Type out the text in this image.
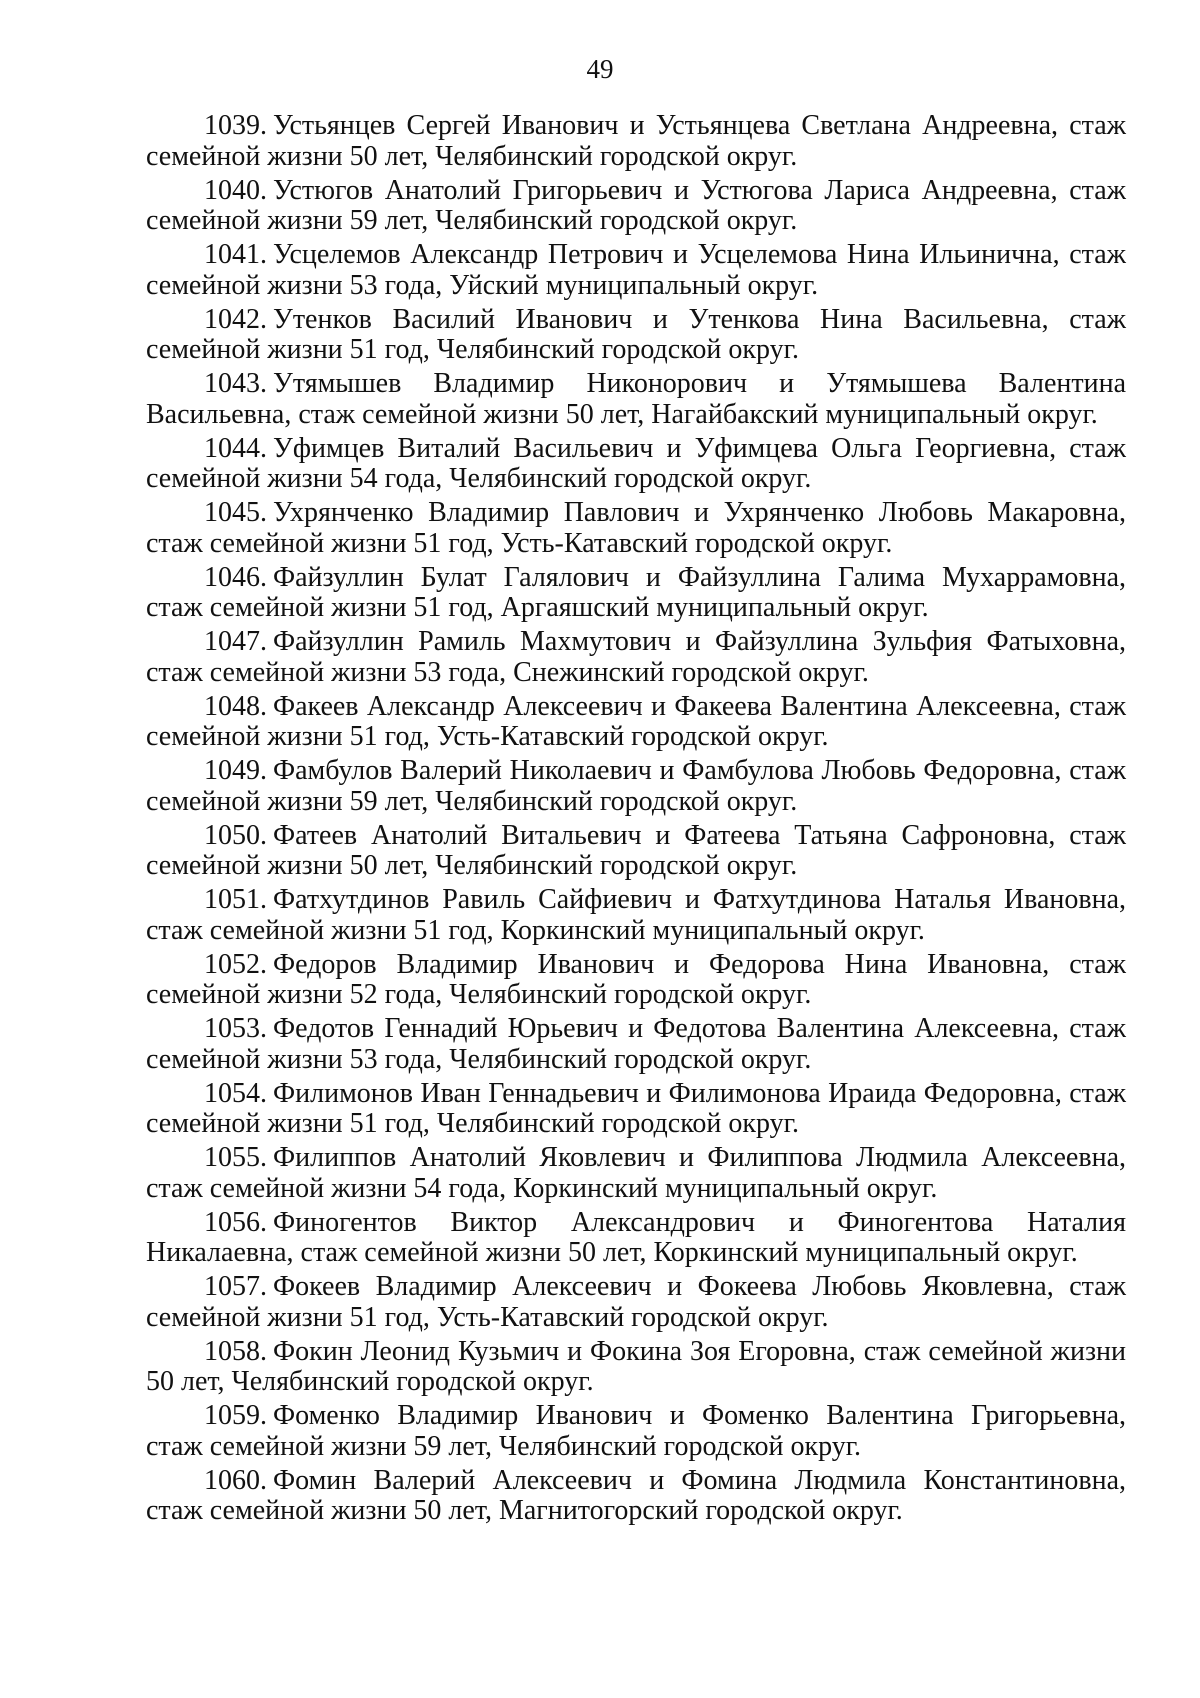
49
1039. Устьянцев Сергей Иванович и Устьянцева Светлана Андреевна, стаж семейной жизни 50 лет, Челябинский городской округ.
1040. Устюгов Анатолий Григорьевич и Устюгова Лариса Андреевна, стаж семейной жизни 59 лет, Челябинский городской округ.
1041. Усцелемов Александр Петрович и Усцелемова Нина Ильинична, стаж семейной жизни 53 года, Уйский муниципальный округ.
1042. Утенков Василий Иванович и Утенкова Нина Васильевна, стаж семейной жизни 51 год, Челябинский городской округ.
1043. Утямышев Владимир Никонорович и Утямышева Валентина Васильевна, стаж семейной жизни 50 лет, Нагайбакский муниципальный округ.
1044. Уфимцев Виталий Васильевич и Уфимцева Ольга Георгиевна, стаж семейной жизни 54 года, Челябинский городской округ.
1045. Ухрянченко Владимир Павлович и Ухрянченко Любовь Макаровна, стаж семейной жизни 51 год, Усть-Катавский городской округ.
1046. Файзуллин Булат Галялович и Файзуллина Галима Мухаррамовна, стаж семейной жизни 51 год, Аргаяшский муниципальный округ.
1047. Файзуллин Рамиль Махмутович и Файзуллина Зульфия Фатыховна, стаж семейной жизни 53 года, Снежинский городской округ.
1048. Факеев Александр Алексеевич и Факеева Валентина Алексеевна, стаж семейной жизни 51 год, Усть-Катавский городской округ.
1049. Фамбулов Валерий Николаевич и Фамбулова Любовь Федоровна, стаж семейной жизни 59 лет, Челябинский городской округ.
1050. Фатеев Анатолий Витальевич и Фатеева Татьяна Сафроновна, стаж семейной жизни 50 лет, Челябинский городской округ.
1051. Фатхутдинов Равиль Сайфиевич и Фатхутдинова Наталья Ивановна, стаж семейной жизни 51 год, Коркинский муниципальный округ.
1052. Федоров Владимир Иванович и Федорова Нина Ивановна, стаж семейной жизни 52 года, Челябинский городской округ.
1053. Федотов Геннадий Юрьевич и Федотова Валентина Алексеевна, стаж семейной жизни 53 года, Челябинский городской округ.
1054. Филимонов Иван Геннадьевич и Филимонова Ираида Федоровна, стаж семейной жизни 51 год, Челябинский городской округ.
1055. Филиппов Анатолий Яковлевич и Филиппова Людмила Алексеевна, стаж семейной жизни 54 года, Коркинский муниципальный округ.
1056. Финогентов Виктор Александрович и Финогентова Наталия Никалаевна, стаж семейной жизни 50 лет, Коркинский муниципальный округ.
1057. Фокеев Владимир Алексеевич и Фокеева Любовь Яковлевна, стаж семейной жизни 51 год, Усть-Катавский городской округ.
1058. Фокин Леонид Кузьмич и Фокина Зоя Егоровна, стаж семейной жизни 50 лет, Челябинский городской округ.
1059. Фоменко Владимир Иванович и Фоменко Валентина Григорьевна, стаж семейной жизни 59 лет, Челябинский городской округ.
1060. Фомин Валерий Алексеевич и Фомина Людмила Константиновна, стаж семейной жизни 50 лет, Магнитогорский городской округ.
